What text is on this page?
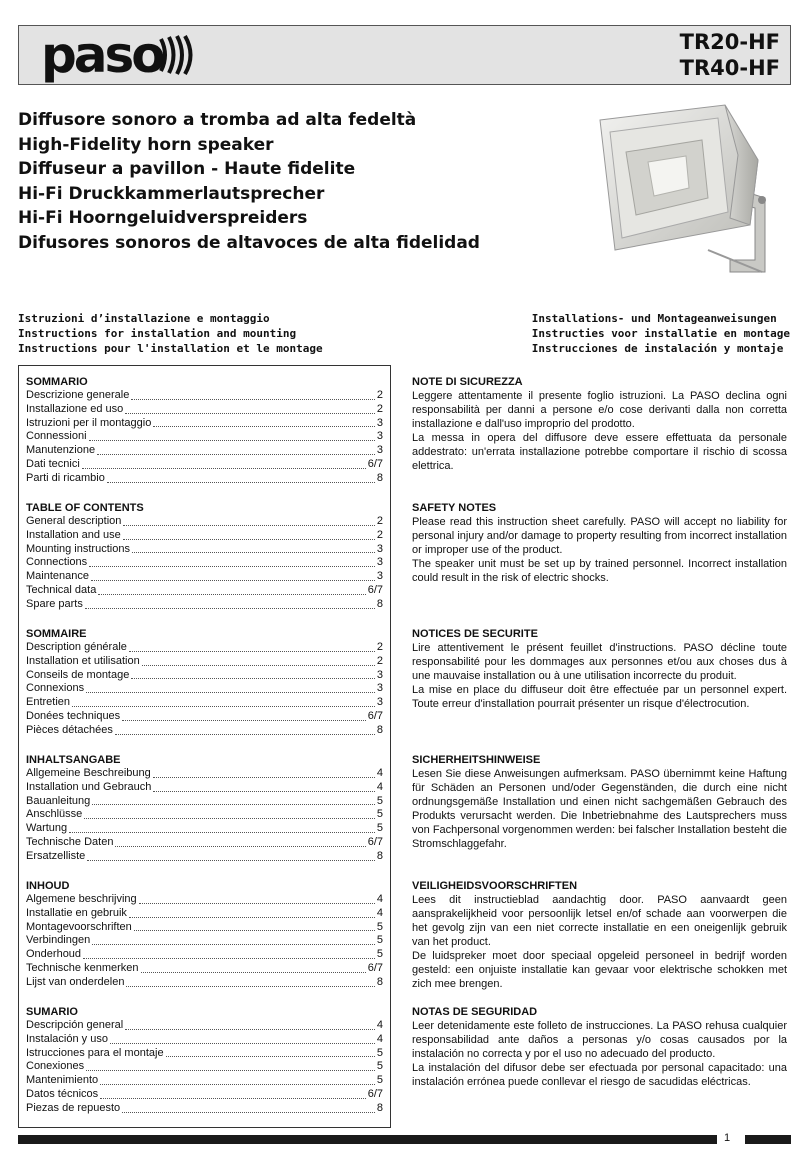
paso	TR20-HF
TR40-HF
Diffusore sonoro a tromba ad alta fedeltà
High-Fidelity horn speaker
Diffuseur a pavillon - Haute fidelite
Hi-Fi Druckkammerlautsprecher
Hi-Fi Hoorngeluidverspreiders
Difusores sonoros de altavoces de alta fidelidad
Istruzioni d’installazione e montaggio
Instructions for installation and mounting
Instructions pour l'installation et le montage
Installations- und Montageanweisungen
Instructies voor installatie en montage
Instrucciones de instalación y montaje
SOMMARIO
Descrizione generale	2
Installazione ed uso	2
Istruzioni per il montaggio	3
Connessioni	3
Manutenzione	3
Dati tecnici	6/7
Parti di ricambio	8
TABLE OF CONTENTS
General description	2
Installation and use	2
Mounting instructions	3
Connections	3
Maintenance	3
Technical data	6/7
Spare parts	8
SOMMAIRE
Description générale	2
Installation et utilisation	2
Conseils de montage	3
Connexions	3
Entretien	3
Donées techniques	6/7
Pièces détachées	8
INHALTSANGABE
Allgemeine Beschreibung	4
Installation und Gebrauch	4
Bauanleitung	5
Anschlüsse	5
Wartung	5
Technische Daten	6/7
Ersatzelliste	8
INHOUD
Algemene beschrijving	4
Installatie en gebruik	4
Montagevoorschriften	5
Verbindingen	5
Onderhoud	5
Technische kenmerken	6/7
Lijst van onderdelen	8
SUMARIO
Descripción general	4
Instalación y uso	4
Istrucciones para el montaje	5
Conexiones	5
Mantenimiento	5
Datos técnicos	6/7
Piezas de repuesto	8
NOTE DI SICUREZZA

Leggere attentamente il presente foglio istruzioni. La PASO declina ogni responsabilità per danni a persone e/o cose derivanti dalla non corretta installazione e dall'uso improprio del prodotto.

La messa in opera del diffusore deve essere effettuata da personale addestrato: un'errata installazione potrebbe comportare il rischio di scossa elettrica.

SAFETY NOTES

Please read this instruction sheet carefully. PASO will accept no liability for personal injury and/or damage to property resulting from incorrect installation or improper use of the product.

The speaker unit must be set up by trained personnel. Incorrect installation could result in the risk of electric shocks.

NOTICES DE SECURITE

Lire attentivement le présent feuillet d'instructions. PASO décline toute responsabilité pour les dommages aux personnes et/ou aux choses dus à une mauvaise installation ou à une utilisation incorrecte du produit.

La mise en place du diffuseur doit être effectuée par un personnel expert. Toute erreur d'installation pourrait présenter un risque d'électrocution.

SICHERHEITSHINWEISE

Lesen Sie diese Anweisungen aufmerksam. PASO übernimmt keine Haftung für Schäden an Personen und/oder Gegenständen, die durch eine nicht ordnungsgemäße Installation und einen nicht sachgemäßen Gebrauch des Produkts verursacht werden. Die Inbetriebnahme des Lautsprechers muss von Fachpersonal vorgenommen werden: bei falscher Installation besteht die Stromschlaggefahr.

VEILIGHEIDSVOORSCHRIFTEN

Lees dit instructieblad aandachtig door. PASO aanvaardt geen aansprakelijkheid voor persoonlijk letsel en/of schade aan voorwerpen die het gevolg zijn van een niet correcte installatie en een oneigenlijk gebruik van het product.

De luidspreker moet door speciaal opgeleid personeel in bedrijf worden gesteld: een onjuiste installatie kan gevaar voor elektrische schokken met zich mee brengen.

NOTAS DE SEGURIDAD

Leer detenidamente este folleto de instrucciones. La PASO rehusa cualquier responsabilidad ante daños a personas y/o cosas causados por la instalación no correcta y por el uso no adecuado del producto.

La instalación del difusor debe ser efectuada por personal capacitado: una instalación errónea puede conllevar el riesgo de sacudidas eléctricas.

1
